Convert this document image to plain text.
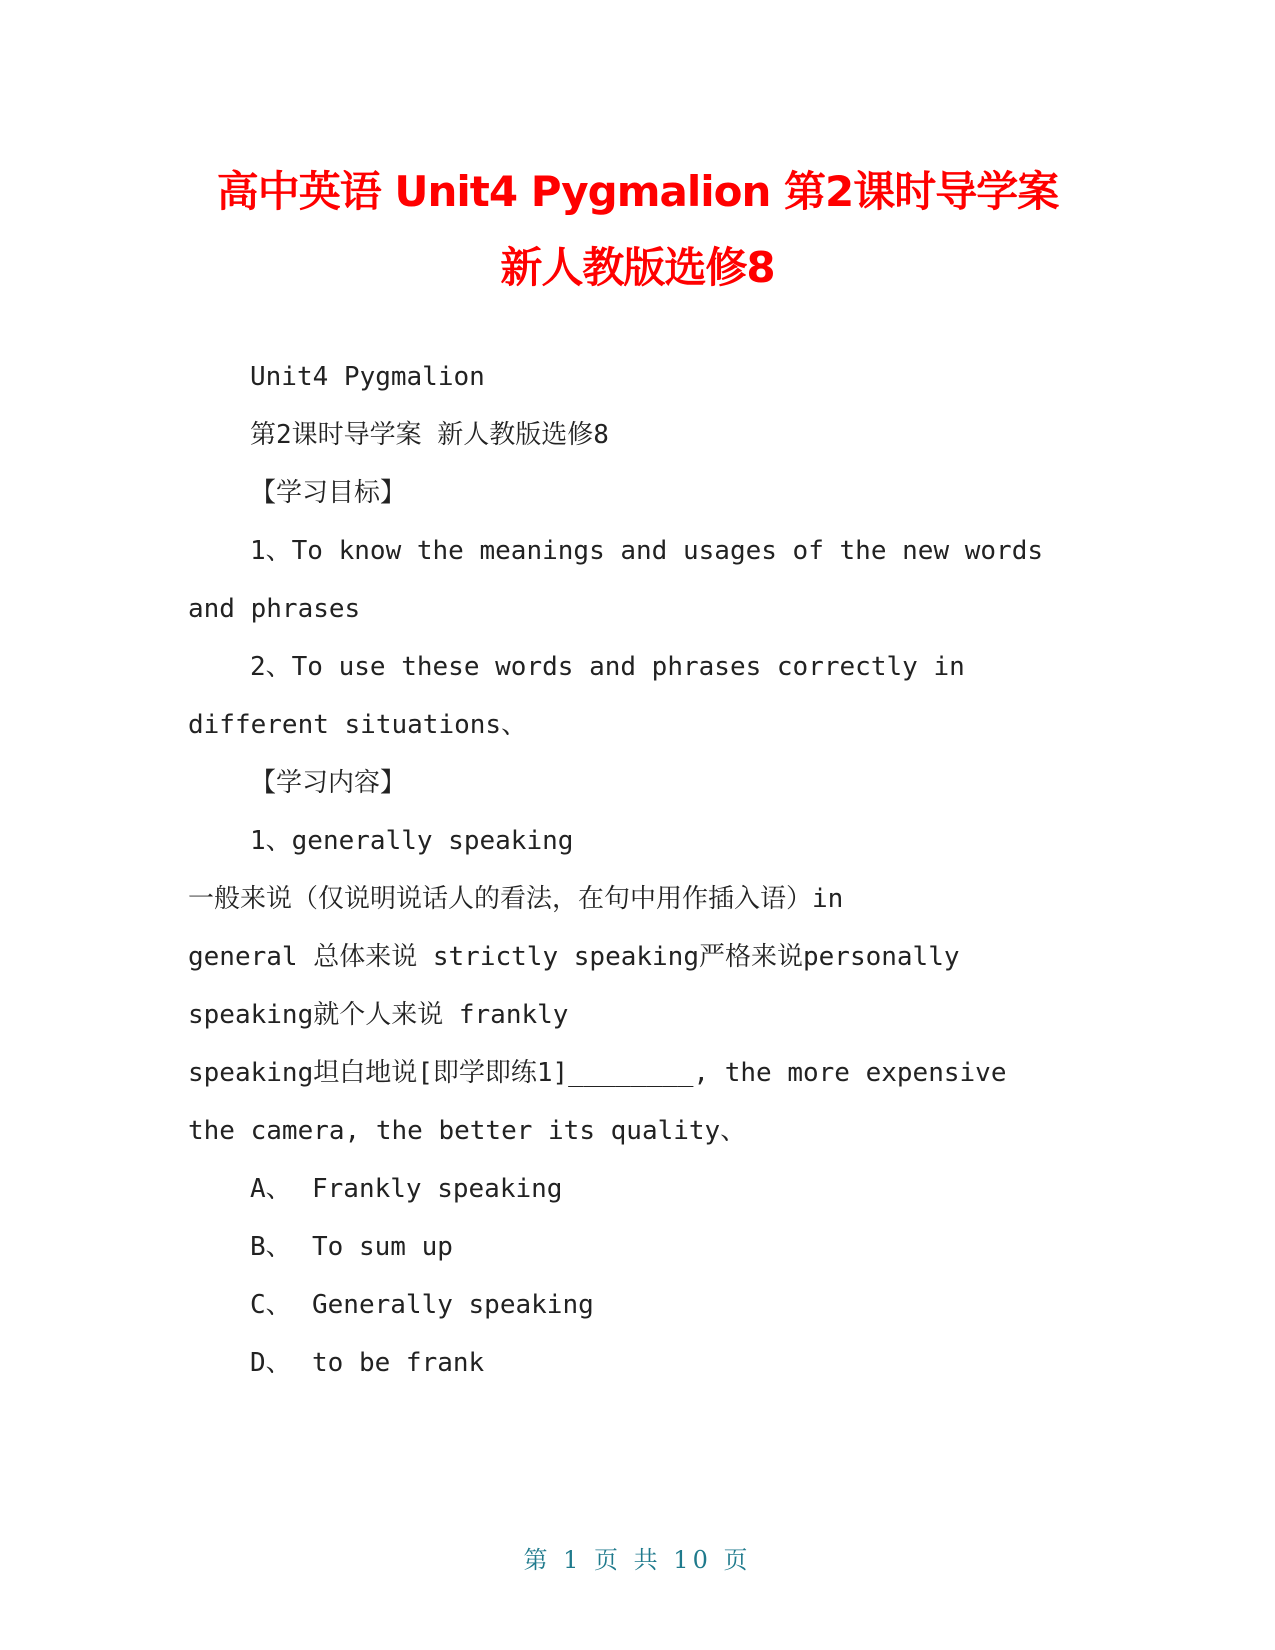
高中英语 Unit4 Pygmalion 第2课时导学案
新人教版选修8
Unit4 Pygmalion
第2课时导学案 新人教版选修8
【学习目标】
1、To know the meanings and usages of the new words
and phrases
2、To use these words and phrases correctly in
different situations、
【学习内容】
1、generally speaking
一般来说（仅说明说话人的看法，在句中用作插入语）in
general 总体来说 strictly speaking严格来说personally
speaking就个人来说 frankly
speaking坦白地说[即学即练1]________, the more expensive
the camera, the better its quality、
A、 Frankly speaking
B、 To sum up
C、 Generally speaking
D、 to be frank
第 1 页 共 10 页
